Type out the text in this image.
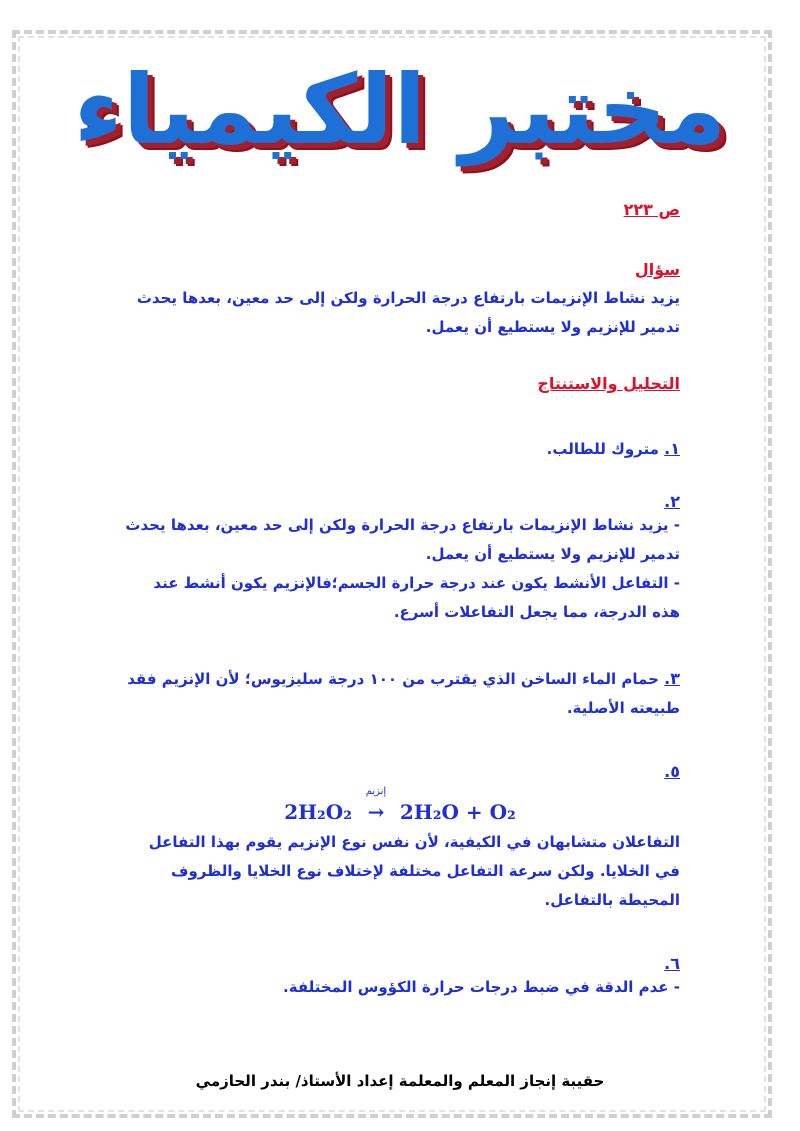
مختبر الكيمياء
ص ٢٢٣
سؤال
يزيد نشاط الإنزيمات بارتفاع درجة الحرارة ولكن إلى حد معين، بعدها يحدث تدمير للإنزيم ولا يستطيع أن يعمل.
التحليل والاستنتاج
١. متروك للطالب.
٢.
- يزيد نشاط الإنزيمات بارتفاع درجة الحرارة ولكن إلى حد معين، بعدها يحدث تدمير للإنزيم ولا يستطيع أن يعمل.
- التفاعل الأنشط يكون عند درجة حرارة الجسم؛فالإنزيم يكون أنشط عند هذه الدرجة، مما يجعل التفاعلات أسرع.
٣. حمام الماء الساخن الذي يقترب من ١٠٠ درجة سليزيوس؛ لأن الإنزيم فقد طبيعته الأصلية.
٥.
2H₂O₂
إنزيم
→ 2H₂O + O₂
التفاعلان متشابهان في الكيفية، لأن نفس نوع الإنزيم يقوم بهذا التفاعل في الخلايا. ولكن سرعة التفاعل مختلفة لإختلاف نوع الخلايا والظروف المحيطة بالتفاعل.
٦.
- عدم الدقة في ضبط درجات حرارة الكؤوس المختلفة.
حقيبة إنجاز المعلم والمعلمة إعداد الأستاذ/ بندر الحازمي
